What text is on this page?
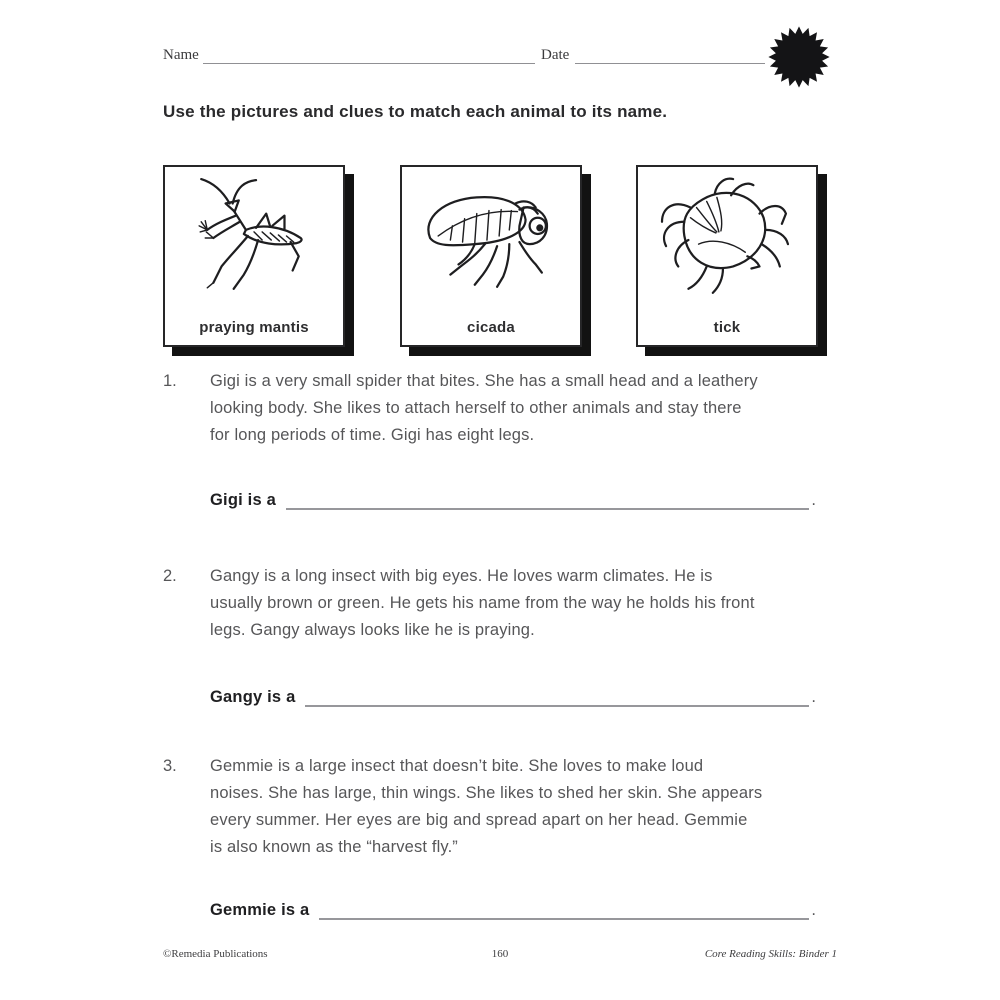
Name	Date
Use the pictures and clues to match each animal to its name.
praying mantis	cicada	tick
1.	Gigi is a very small spider that bites. She has a small head and a leathery
looking body. She likes to attach herself to other animals and stay there
for long periods of time. Gigi has eight legs.
Gigi is a	.
2.	Gangy is a long insect with big eyes. He loves warm climates. He is
usually brown or green. He gets his name from the way he holds his front
legs. Gangy always looks like he is praying.
Gangy is a	.
3.	Gemmie is a large insect that doesn’t bite. She loves to make loud
noises. She has large, thin wings. She likes to shed her skin. She appears
every summer. Her eyes are big and spread apart on her head. Gemmie
is also known as the “harvest fly.”
Gemmie is a	.
©Remedia Publications	160	Core Reading Skills: Binder 1
